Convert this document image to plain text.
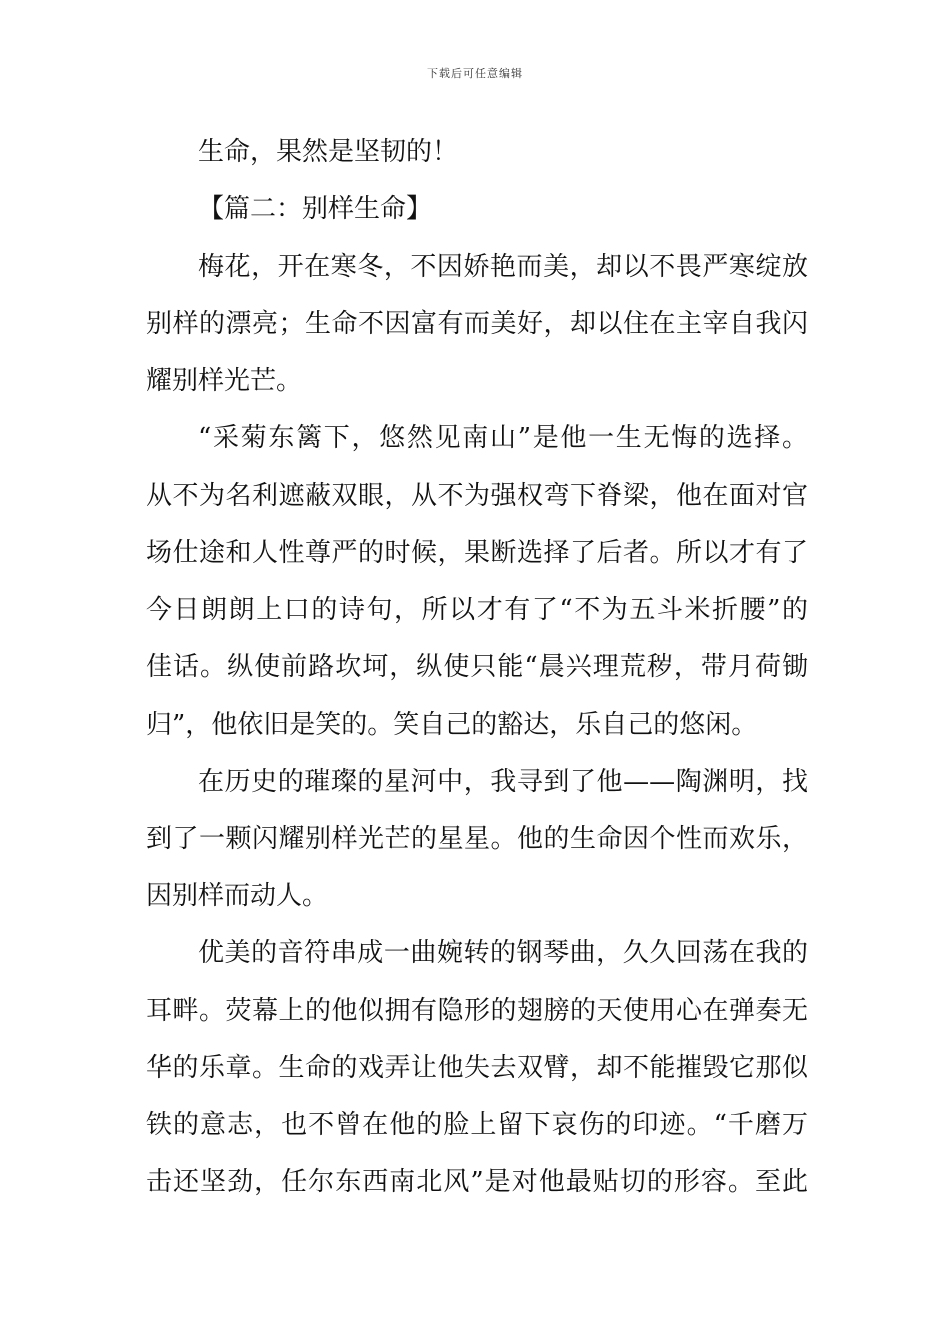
下载后可任意编辑
生命，果然是坚韧的！
【篇二：别样生命】
梅花，开在寒冬，不因娇艳而美，却以不畏严寒绽放
别样的漂亮；生命不因富有而美好，却以住在主宰自我闪
耀别样光芒。
“采菊东篱下，悠然见南山”是他一生无悔的选择。
从不为名利遮蔽双眼，从不为强权弯下脊梁，他在面对官
场仕途和人性尊严的时候，果断选择了后者。所以才有了
今日朗朗上口的诗句，所以才有了“不为五斗米折腰”的
佳话。纵使前路坎坷，纵使只能“晨兴理荒秽，带月荷锄
归”，他依旧是笑的。笑自己的豁达，乐自己的悠闲。
在历史的璀璨的星河中，我寻到了他——陶渊明，找
到了一颗闪耀别样光芒的星星。他的生命因个性而欢乐，
因别样而动人。
优美的音符串成一曲婉转的钢琴曲，久久回荡在我的
耳畔。荧幕上的他似拥有隐形的翅膀的天使用心在弹奏无
华的乐章。生命的戏弄让他失去双臂，却不能摧毁它那似
铁的意志，也不曾在他的脸上留下哀伤的印迹。“千磨万
击还坚劲，任尔东西南北风”是对他最贴切的形容。至此
